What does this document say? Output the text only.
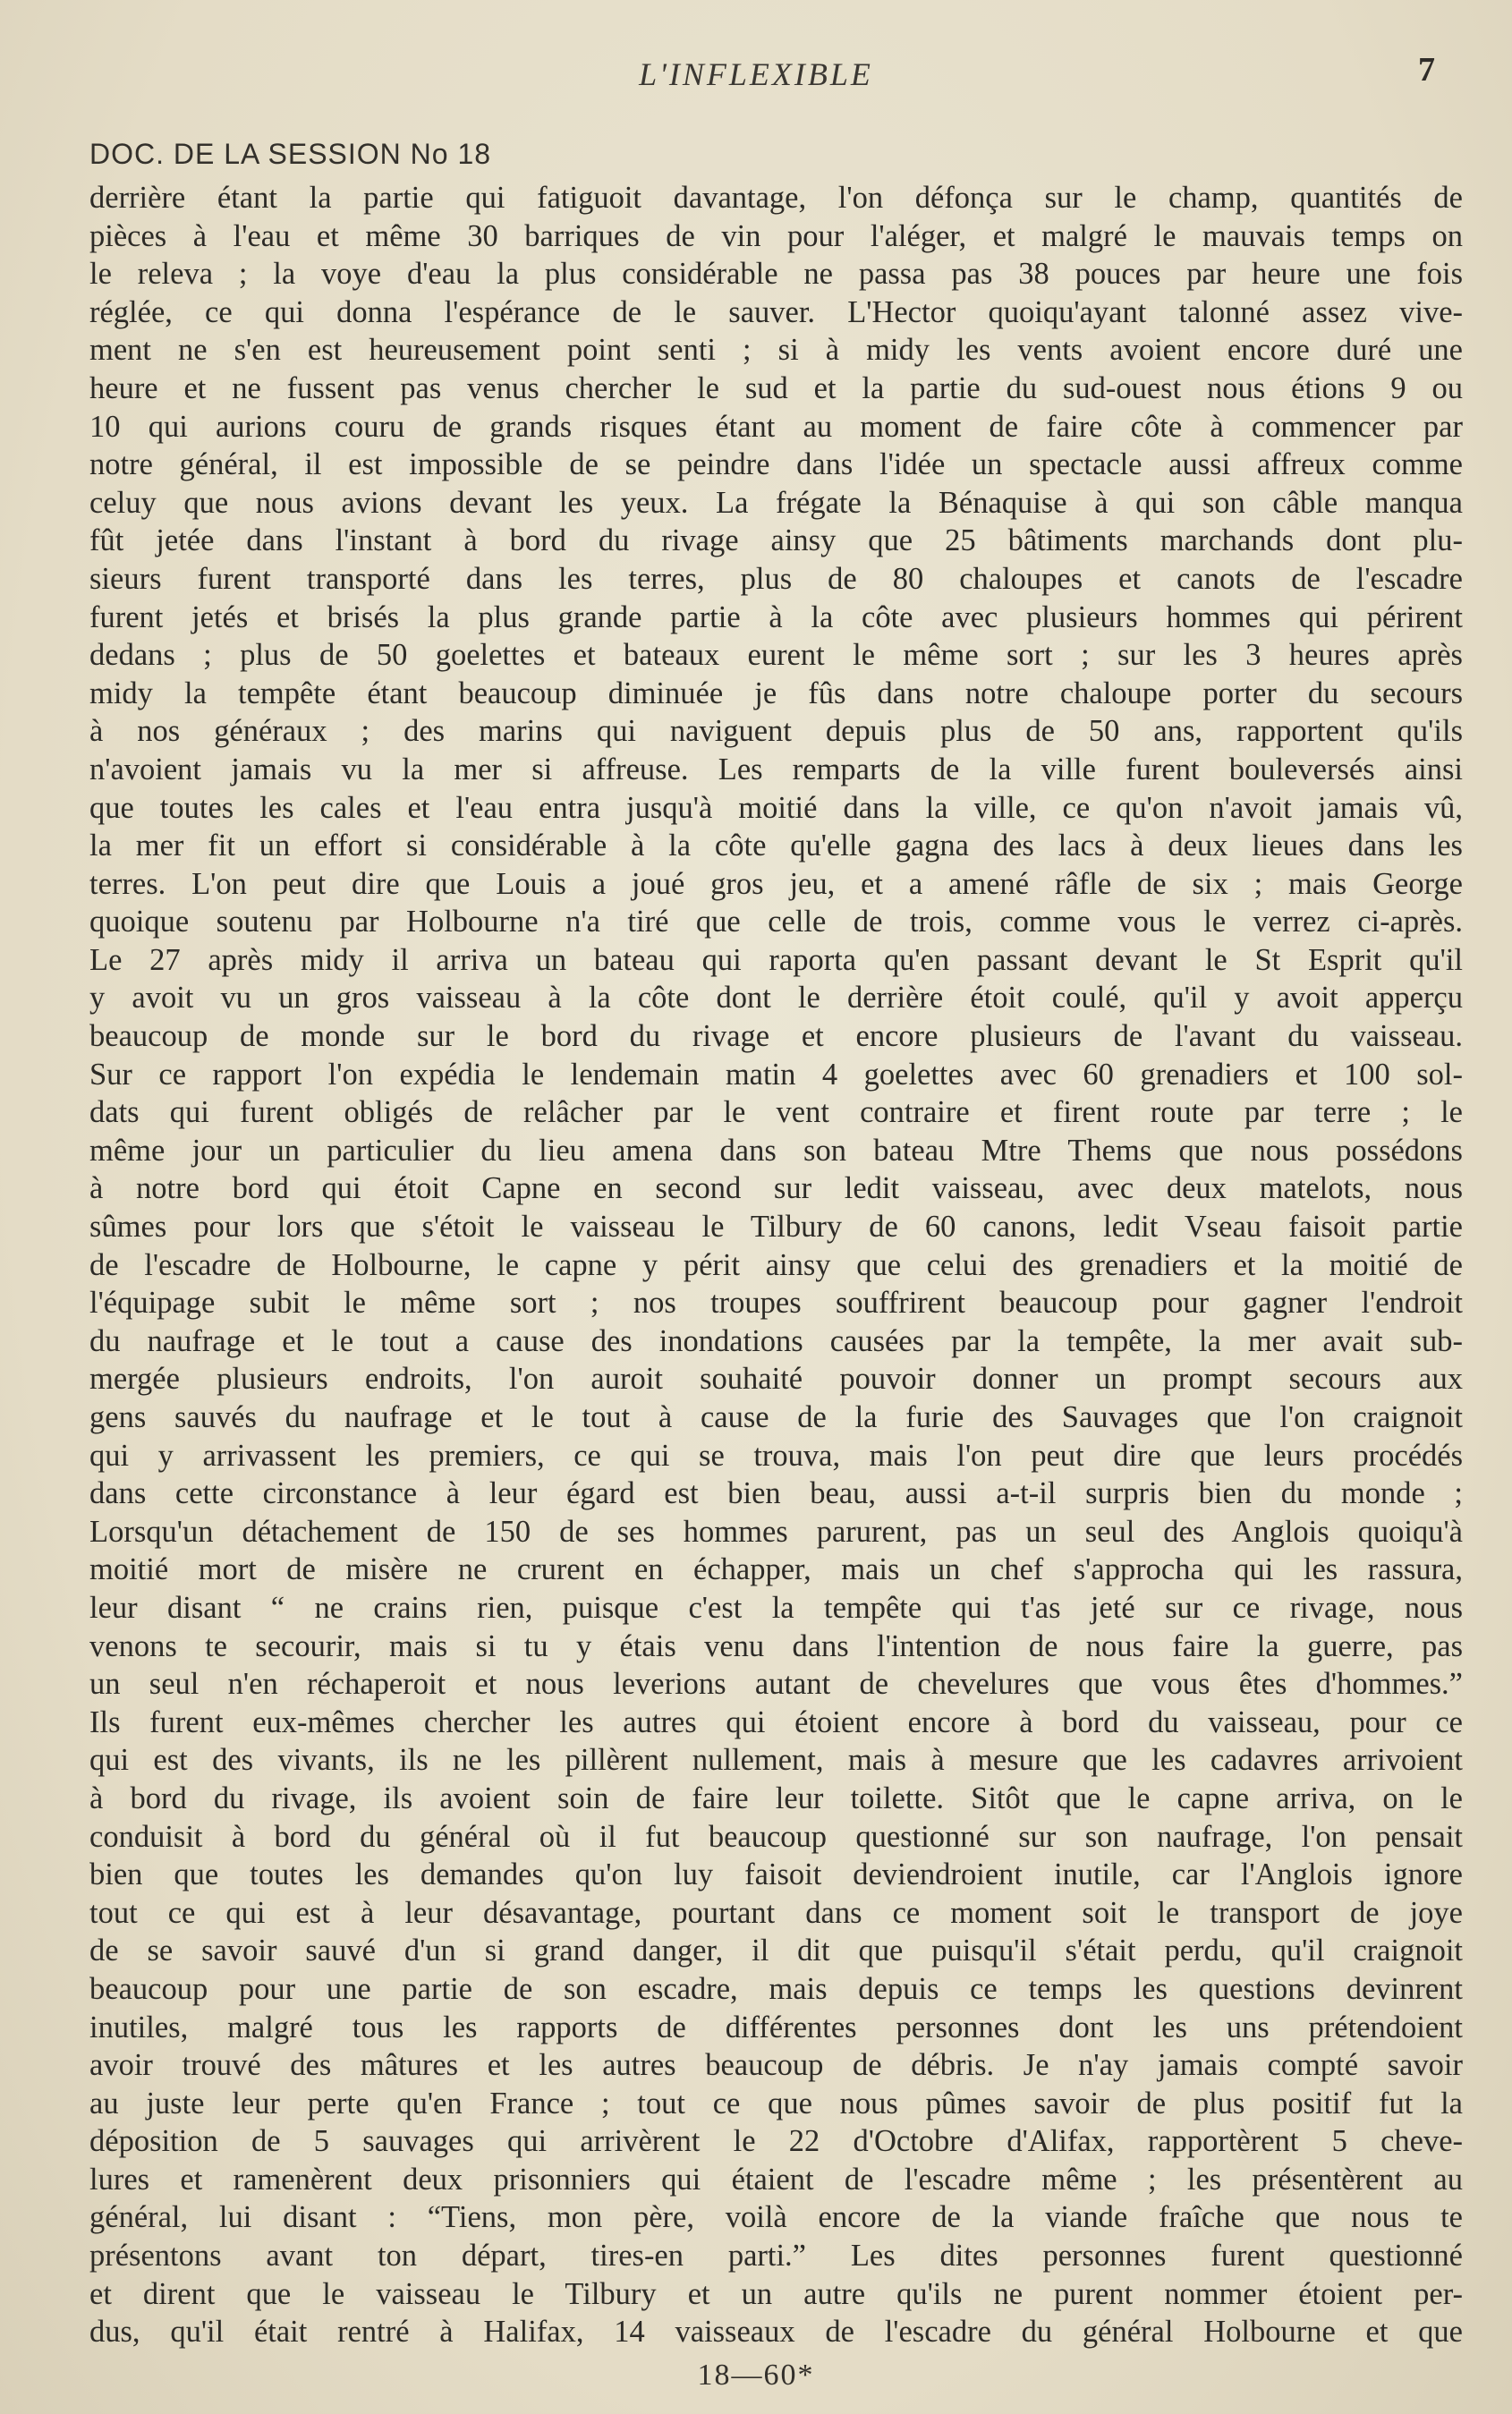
L'INFLEXIBLE	7
DOC. DE LA SESSION No 18
derrière étant la partie qui fatiguoit davantage, l'on défonça sur le champ, quantités de
pièces à l'eau et même 30 barriques de vin pour l'aléger, et malgré le mauvais temps on
le releva ; la voye d'eau la plus considérable ne passa pas 38 pouces par heure une fois
réglée, ce qui donna l'espérance de le sauver. L'Hector quoiqu'ayant talonné assez vive-
ment ne s'en est heureusement point senti ; si à midy les vents avoient encore duré une
heure et ne fussent pas venus chercher le sud et la partie du sud-ouest nous étions 9 ou
10 qui aurions couru de grands risques étant au moment de faire côte à commencer par
notre général, il est impossible de se peindre dans l'idée un spectacle aussi affreux comme
celuy que nous avions devant les yeux. La frégate la Bénaquise à qui son câble manqua
fût jetée dans l'instant à bord du rivage ainsy que 25 bâtiments marchands dont plu-
sieurs furent transporté dans les terres, plus de 80 chaloupes et canots de l'escadre
furent jetés et brisés la plus grande partie à la côte avec plusieurs hommes qui périrent
dedans ; plus de 50 goelettes et bateaux eurent le même sort ; sur les 3 heures après
midy la tempête étant beaucoup diminuée je fûs dans notre chaloupe porter du secours
à nos généraux ; des marins qui naviguent depuis plus de 50 ans, rapportent qu'ils
n'avoient jamais vu la mer si affreuse. Les remparts de la ville furent bouleversés ainsi
que toutes les cales et l'eau entra jusqu'à moitié dans la ville, ce qu'on n'avoit jamais vû,
la mer fit un effort si considérable à la côte qu'elle gagna des lacs à deux lieues dans les
terres. L'on peut dire que Louis a joué gros jeu, et a amené râfle de six ; mais George
quoique soutenu par Holbourne n'a tiré que celle de trois, comme vous le verrez ci-après.
Le 27 après midy il arriva un bateau qui raporta qu'en passant devant le St Esprit qu'il
y avoit vu un gros vaisseau à la côte dont le derrière étoit coulé, qu'il y avoit apperçu
beaucoup de monde sur le bord du rivage et encore plusieurs de l'avant du vaisseau.
Sur ce rapport l'on expédia le lendemain matin 4 goelettes avec 60 grenadiers et 100 sol-
dats qui furent obligés de relâcher par le vent contraire et firent route par terre ; le
même jour un particulier du lieu amena dans son bateau Mtre Thems que nous possédons
à notre bord qui étoit Capne en second sur ledit vaisseau, avec deux matelots, nous
sûmes pour lors que s'étoit le vaisseau le Tilbury de 60 canons, ledit Vseau faisoit partie
de l'escadre de Holbourne, le capne y périt ainsy que celui des grenadiers et la moitié de
l'équipage subit le même sort ; nos troupes souffrirent beaucoup pour gagner l'endroit
du naufrage et le tout a cause des inondations causées par la tempête, la mer avait sub-
mergée plusieurs endroits, l'on auroit souhaité pouvoir donner un prompt secours aux
gens sauvés du naufrage et le tout à cause de la furie des Sauvages que l'on craignoit
qui y arrivassent les premiers, ce qui se trouva, mais l'on peut dire que leurs procédés
dans cette circonstance à leur égard est bien beau, aussi a-t-il surpris bien du monde ;
Lorsqu'un détachement de 150 de ses hommes parurent, pas un seul des Anglois quoiqu'à
moitié mort de misère ne crurent en échapper, mais un chef s'approcha qui les rassura,
leur disant “ ne crains rien, puisque c'est la tempête qui t'as jeté sur ce rivage, nous
venons te secourir, mais si tu y étais venu dans l'intention de nous faire la guerre, pas
un seul n'en réchaperoit et nous leverions autant de chevelures que vous êtes d'hommes.”
Ils furent eux-mêmes chercher les autres qui étoient encore à bord du vaisseau, pour ce
qui est des vivants, ils ne les pillèrent nullement, mais à mesure que les cadavres arrivoient
à bord du rivage, ils avoient soin de faire leur toilette. Sitôt que le capne arriva, on le
conduisit à bord du général où il fut beaucoup questionné sur son naufrage, l'on pensait
bien que toutes les demandes qu'on luy faisoit deviendroient inutile, car l'Anglois ignore
tout ce qui est à leur désavantage, pourtant dans ce moment soit le transport de joye
de se savoir sauvé d'un si grand danger, il dit que puisqu'il s'était perdu, qu'il craignoit
beaucoup pour une partie de son escadre, mais depuis ce temps les questions devinrent
inutiles, malgré tous les rapports de différentes personnes dont les uns prétendoient
avoir trouvé des mâtures et les autres beaucoup de débris. Je n'ay jamais compté savoir
au juste leur perte qu'en France ; tout ce que nous pûmes savoir de plus positif fut la
déposition de 5 sauvages qui arrivèrent le 22 d'Octobre d'Alifax, rapportèrent 5 cheve-
lures et ramenèrent deux prisonniers qui étaient de l'escadre même ; les présentèrent au
général, lui disant : “Tiens, mon père, voilà encore de la viande fraîche que nous te
présentons avant ton départ, tires-en parti.” Les dites personnes furent questionné
et dirent que le vaisseau le Tilbury et un autre qu'ils ne purent nommer étoient per-
dus, qu'il était rentré à Halifax, 14 vaisseaux de l'escadre du général Holbourne et que
18—60*
